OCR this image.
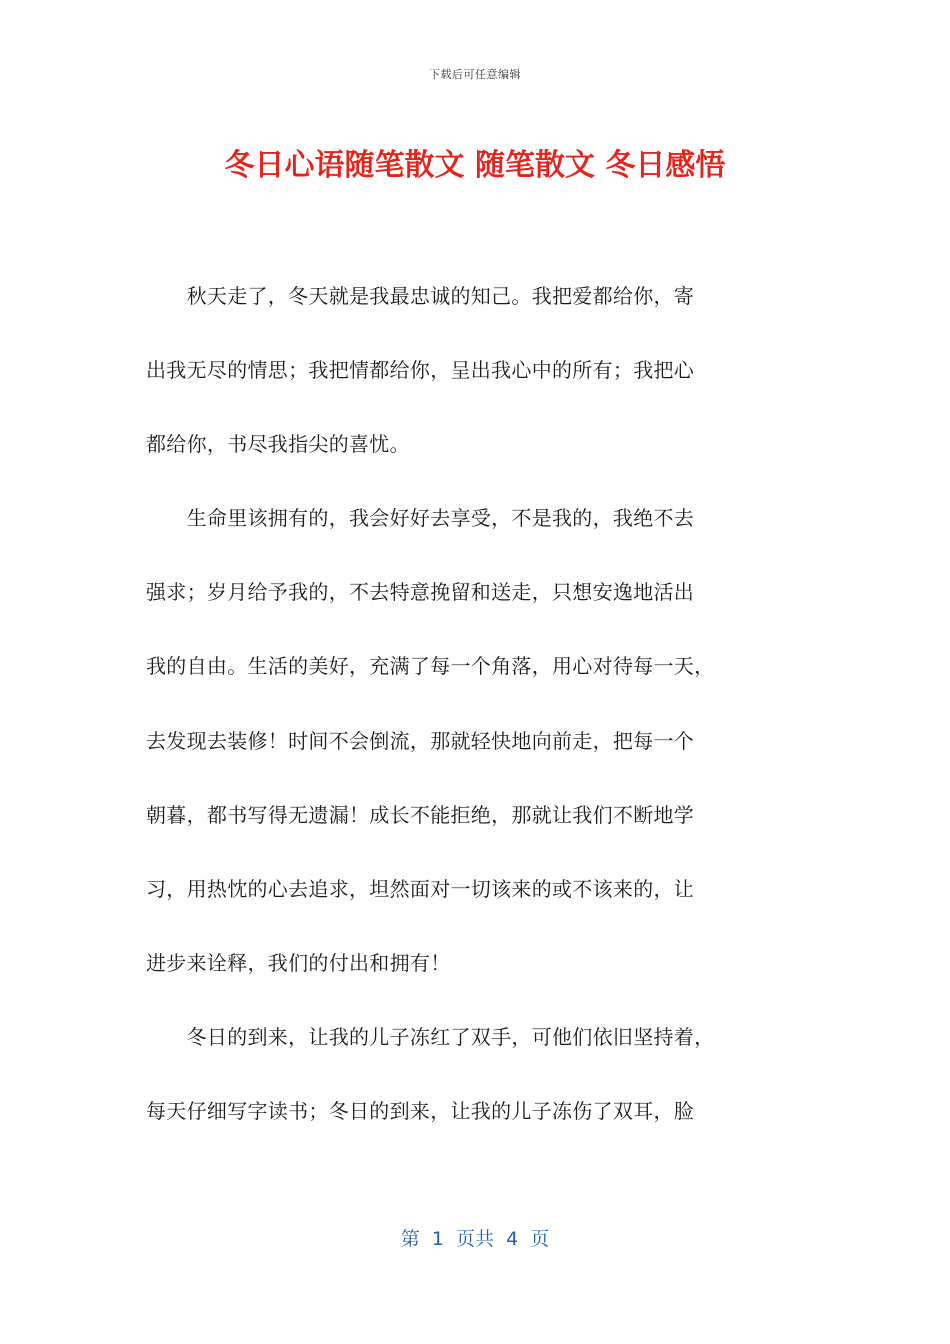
下载后可任意编辑
冬日心语随笔散文 随笔散文 冬日感悟
　　秋天走了，冬天就是我最忠诚的知己。我把爱都给你，寄
出我无尽的情思；我把情都给你，呈出我心中的所有；我把心
都给你，书尽我指尖的喜忧。
　　生命里该拥有的，我会好好去享受，不是我的，我绝不去
强求；岁月给予我的，不去特意挽留和送走，只想安逸地活出
我的自由。生活的美好，充满了每一个角落，用心对待每一天，
去发现去装修！时间不会倒流，那就轻快地向前走，把每一个
朝暮，都书写得无遗漏！成长不能拒绝，那就让我们不断地学
习，用热忱的心去追求，坦然面对一切该来的或不该来的，让
进步来诠释，我们的付出和拥有！
　　冬日的到来，让我的儿子冻红了双手，可他们依旧坚持着，
每天仔细写字读书；冬日的到来，让我的儿子冻伤了双耳，脸
第  1  页共  4  页
